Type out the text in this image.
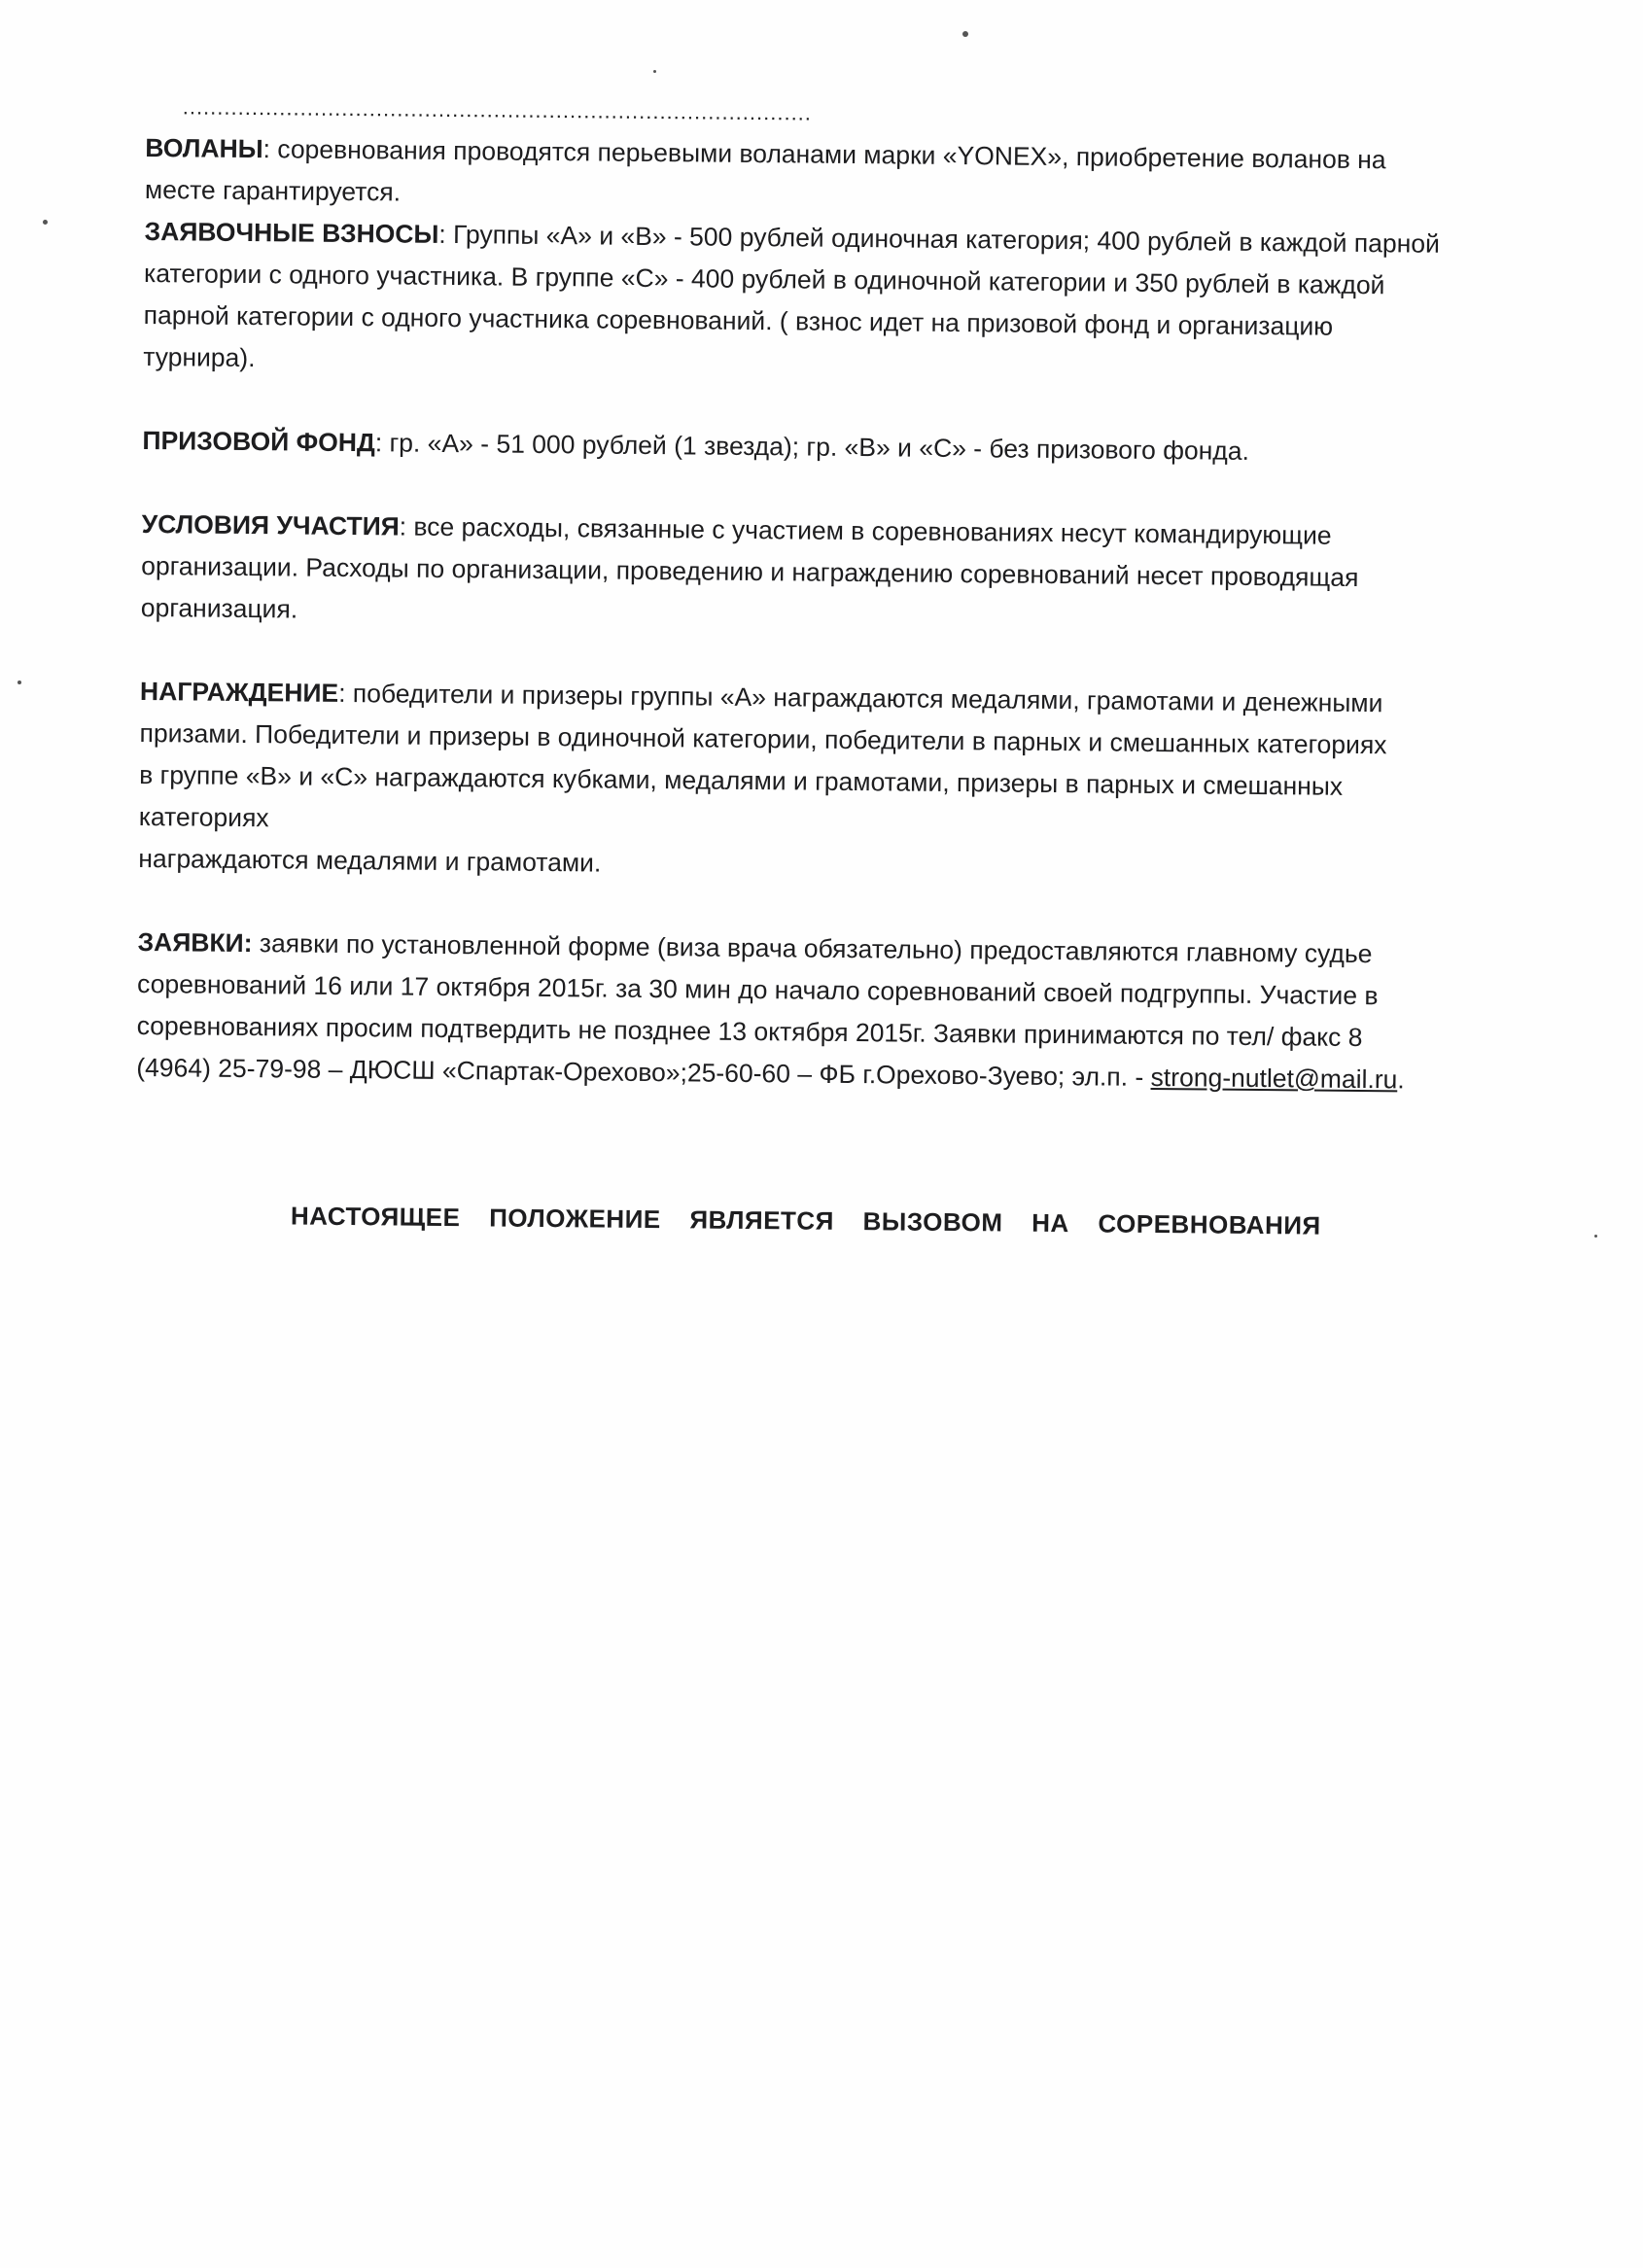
...........................................................................................
ВОЛАНЫ: соревнования проводятся перьевыми воланами марки «YONEX», приобретение воланов на
месте гарантируется.
ЗАЯВОЧНЫЕ ВЗНОСЫ: Группы «А» и «В» - 500 рублей одиночная категория; 400 рублей в каждой парной
категории с одного участника. В группе «С» - 400 рублей в одиночной категории и 350 рублей в каждой
парной категории с одного участника соревнований. ( взнос идет на призовой фонд и организацию
турнира).
ПРИЗОВОЙ ФОНД: гр. «А» - 51 000 рублей (1 звезда); гр. «В» и «С» - без призового фонда.
УСЛОВИЯ УЧАСТИЯ: все расходы, связанные с участием в соревнованиях несут командирующие
организации. Расходы по организации, проведению и награждению соревнований несет проводящая
организация.
НАГРАЖДЕНИЕ: победители и призеры группы «А» награждаются медалями, грамотами и денежными
призами. Победители и призеры в одиночной категории, победители в парных и смешанных категориях
в группе «В» и «С» награждаются кубками, медалями и грамотами, призеры в парных и смешанных
категориях
награждаются медалями и грамотами.
ЗАЯВКИ: заявки по установленной форме (виза врача обязательно) предоставляются главному судье
соревнований 16 или 17 октября 2015г. за 30 мин до начало соревнований своей подгруппы. Участие в
соревнованиях просим подтвердить не позднее 13 октября 2015г. Заявки принимаются по тел/ факс 8
(4964) 25-79-98 – ДЮСШ «Спартак-Орехово»;25-60-60 – ФБ г.Орехово-Зуево; эл.п. - strong-nutlet@mail.ru.
НАСТОЯЩЕЕ ПОЛОЖЕНИЕ ЯВЛЯЕТСЯ ВЫЗОВОМ НА СОРЕВНОВАНИЯ
